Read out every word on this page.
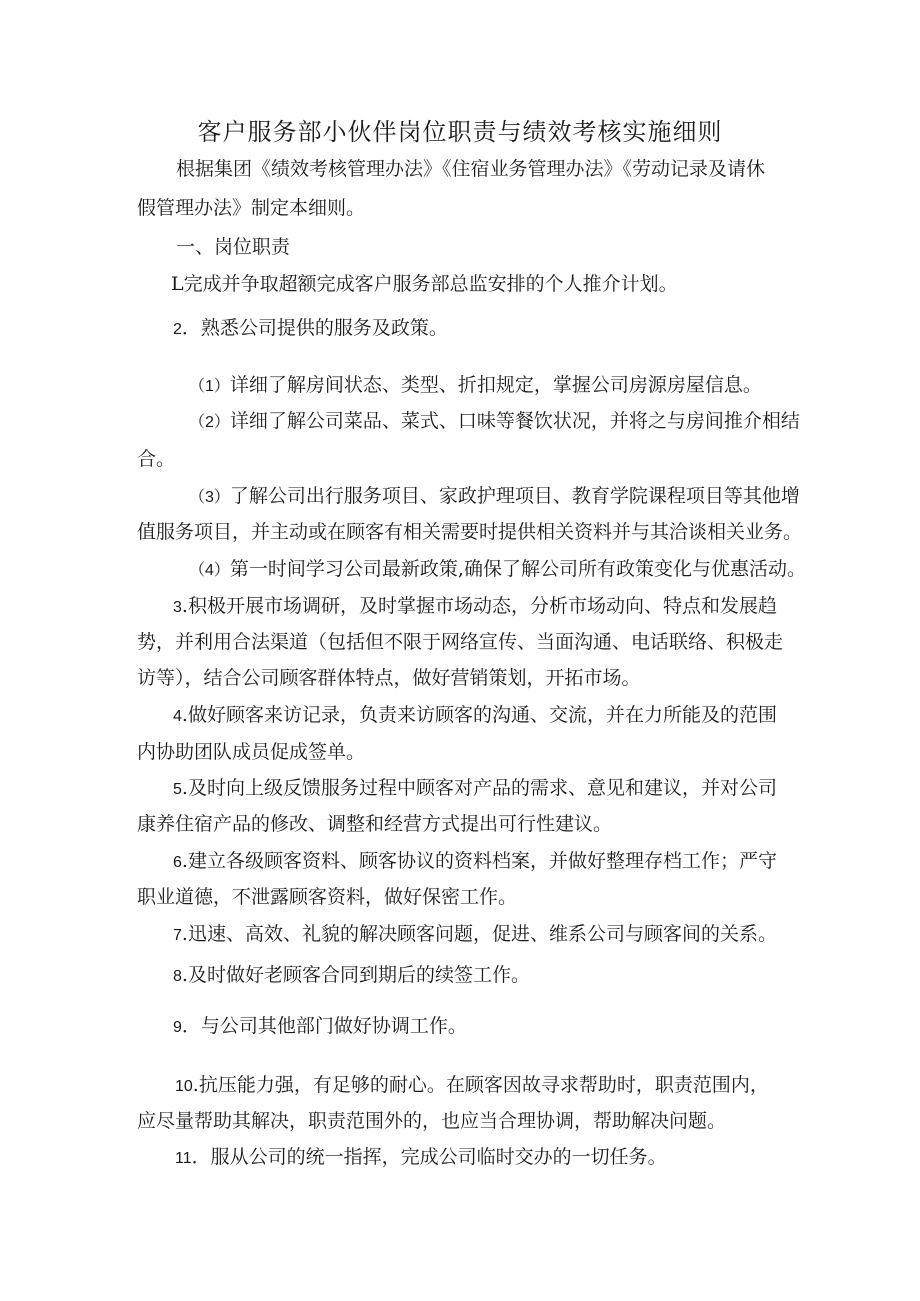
客户服务部小伙伴岗位职责与绩效考核实施细则
根据集团《绩效考核管理办法》《住宿业务管理办法》《劳动记录及请休
假管理办法》制定本细则。
一、岗位职责
L完成并争取超额完成客户服务部总监安排的个人推介计划。
2．熟悉公司提供的服务及政策。
（1）详细了解房间状态、类型、折扣规定，掌握公司房源房屋信息。
（2）详细了解公司菜品、菜式、口味等餐饮状况，并将之与房间推介相结
合。
（3）了解公司出行服务项目、家政护理项目、教育学院课程项目等其他增
值服务项目，并主动或在顾客有相关需要时提供相关资料并与其洽谈相关业务。
（4）第一时间学习公司最新政策,确保了解公司所有政策变化与优惠活动。
3.积极开展市场调研，及时掌握市场动态，分析市场动向、特点和发展趋
势，并利用合法渠道（包括但不限于网络宣传、当面沟通、电话联络、积极走
访等），结合公司顾客群体特点，做好营销策划，开拓市场。
4.做好顾客来访记录，负责来访顾客的沟通、交流，并在力所能及的范围
内协助团队成员促成签单。
5.及时向上级反馈服务过程中顾客对产品的需求、意见和建议，并对公司
康养住宿产品的修改、调整和经营方式提出可行性建议。
6.建立各级顾客资料、顾客协议的资料档案，并做好整理存档工作；严守
职业道德，不泄露顾客资料，做好保密工作。
7.迅速、高效、礼貌的解决顾客问题，促进、维系公司与顾客间的关系。
8.及时做好老顾客合同到期后的续签工作。
9．与公司其他部门做好协调工作。
10.抗压能力强，有足够的耐心。在顾客因故寻求帮助时，职责范围内，
应尽量帮助其解决，职责范围外的，也应当合理协调，帮助解决问题。
11．服从公司的统一指挥，完成公司临时交办的一切任务。
